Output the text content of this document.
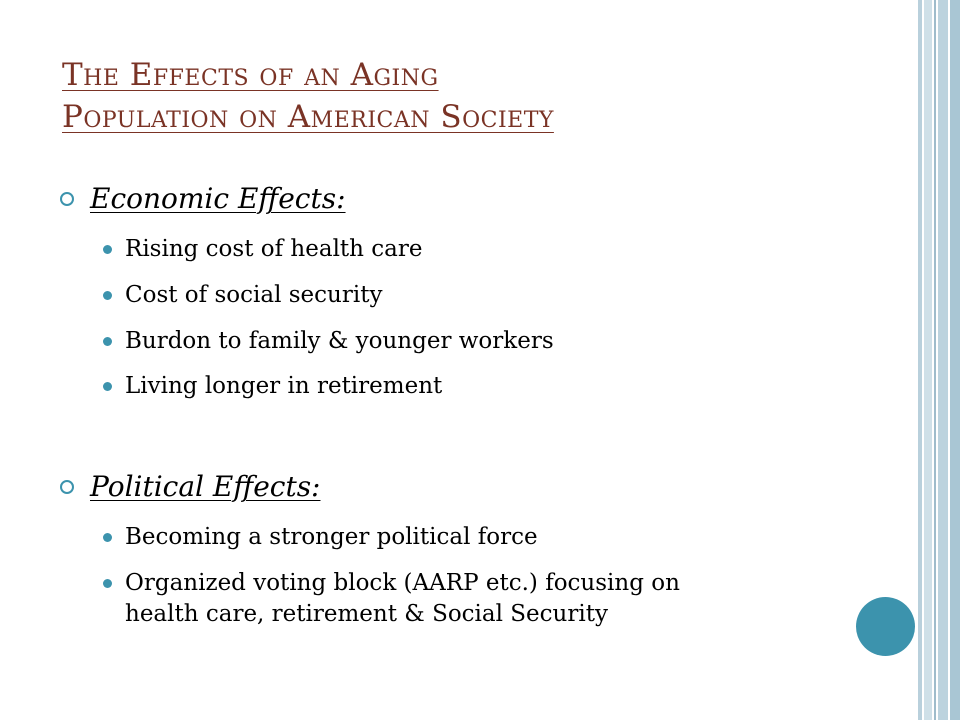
The Effects of an Aging
Population on American Society
Economic Effects:
Rising cost of health care
Cost of social security
Burdon to family & younger workers
Living longer in retirement
Political Effects:
Becoming a stronger political force
Organized voting block (AARP etc.) focusing on
health care, retirement & Social Security
